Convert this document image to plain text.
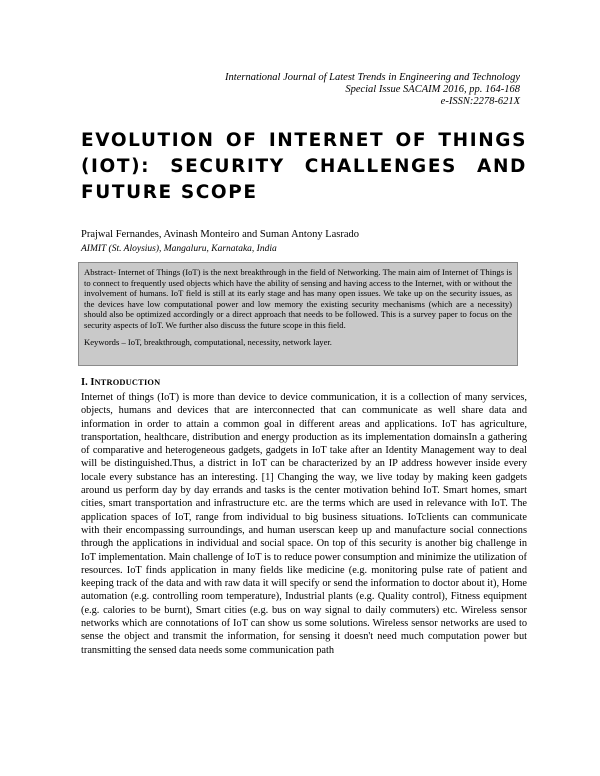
International Journal of Latest Trends in Engineering and Technology
Special Issue SACAIM 2016, pp. 164-168
e-ISSN:2278-621X
EVOLUTION OF INTERNET OF THINGS (IOT): SECURITY CHALLENGES AND FUTURE SCOPE
Prajwal Fernandes, Avinash Monteiro and Suman Antony Lasrado
AIMIT (St. Aloysius), Mangaluru, Karnataka, India

Abstract- Internet of Things (IoT) is the next breakthrough in the field of Networking. The main aim of Internet of Things is to connect to frequently used objects which have the ability of sensing and having access to the Internet, with or without the involvement of humans. IoT field is still at its early stage and has many open issues. We take up on the security issues, as the devices have low computational power and low memory the existing security mechanisms (which are a necessity) should also be optimized accordingly or a direct approach that needs to be followed. This is a survey paper to focus on the security aspects of IoT. We further also discuss the future scope in this field.

Keywords – IoT, breakthrough, computational, necessity, network layer.

I. INTRODUCTION

Internet of things (IoT) is more than device to device communication, it is a collection of many services, objects, humans and devices that are interconnected that can communicate as well share data and information in order to attain a common goal in different areas and applications. IoT has agriculture, transportation, healthcare, distribution and energy production as its implementation domainsIn a gathering of comparative and heterogeneous gadgets, gadgets in IoT take after an Identity Management way to deal will be distinguished.Thus, a district in IoT can be characterized by an IP address however inside every locale every substance has an interesting. [1] Changing the way, we live today by making keen gadgets around us perform day by day errands and tasks is the center motivation behind IoT. Smart homes, smart cities, smart transportation and infrastructure etc. are the terms which are used in relevance with IoT. The application spaces of IoT, range from individual to big business situations. IoTclients can communicate with their encompassing surroundings, and human userscan keep up and manufacture social connections through the applications in individual and social space. On top of this security is another big challenge in IoT implementation. Main challenge of IoT is to reduce power consumption and minimize the utilization of resources. IoT finds application in many fields like medicine (e.g. monitoring pulse rate of patient and keeping track of the data and with raw data it will specify or send the information to doctor about it), Home automation (e.g. controlling room temperature), Industrial plants (e.g. Quality control), Fitness equipment (e.g. calories to be burnt), Smart cities (e.g. bus on way signal to daily commuters) etc. Wireless sensor networks which are connotations of IoT can show us some solutions. Wireless sensor networks are used to sense the object and transmit the information, for sensing it doesn't need much computation power but transmitting the sensed data needs some communication path
